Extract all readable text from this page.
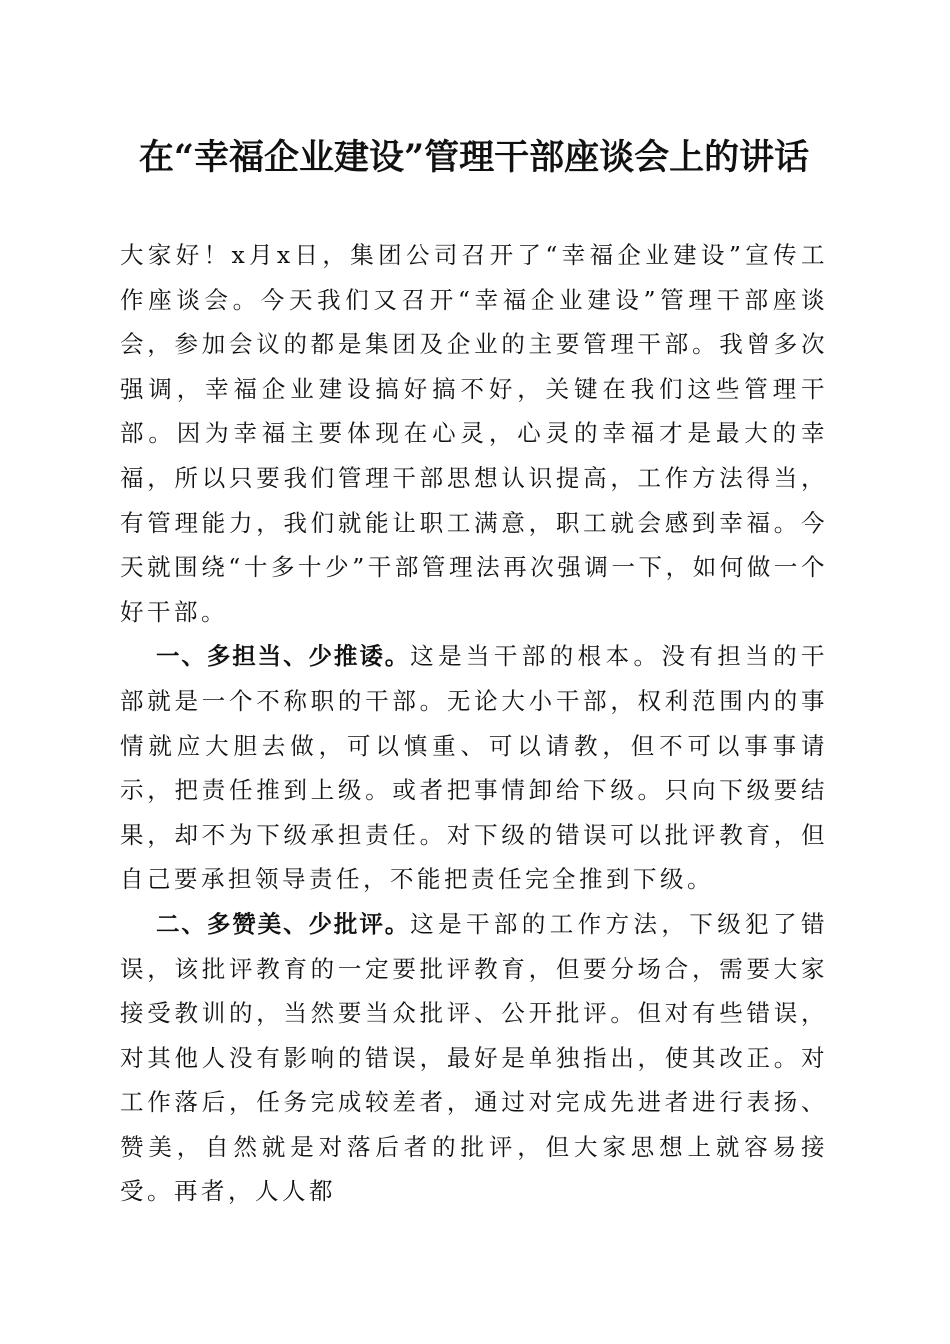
在“幸福企业建设”管理干部座谈会上的讲话

大家好！x月x日，集团公司召开了“幸福企业建设”宣传工作座谈会。今天我们又召开“幸福企业建设”管理干部座谈会，参加会议的都是集团及企业的主要管理干部。我曾多次强调，幸福企业建设搞好搞不好，关键在我们这些管理干部。因为幸福主要体现在心灵，心灵的幸福才是最大的幸福，所以只要我们管理干部思想认识提高，工作方法得当，有管理能力，我们就能让职工满意，职工就会感到幸福。今天就围绕“十多十少”干部管理法再次强调一下，如何做一个好干部。

一、多担当、少推诿。这是当干部的根本。没有担当的干部就是一个不称职的干部。无论大小干部，权利范围内的事情就应大胆去做，可以慎重、可以请教，但不可以事事请示，把责任推到上级。或者把事情卸给下级。只向下级要结果，却不为下级承担责任。对下级的错误可以批评教育，但自己要承担领导责任，不能把责任完全推到下级。

二、多赞美、少批评。这是干部的工作方法，下级犯了错误，该批评教育的一定要批评教育，但要分场合，需要大家接受教训的，当然要当众批评、公开批评。但对有些错误，对其他人没有影响的错误，最好是单独指出，使其改正。对工作落后，任务完成较差者，通过对完成先进者进行表扬、赞美，自然就是对落后者的批评，但大家思想上就容易接受。再者，人人都
